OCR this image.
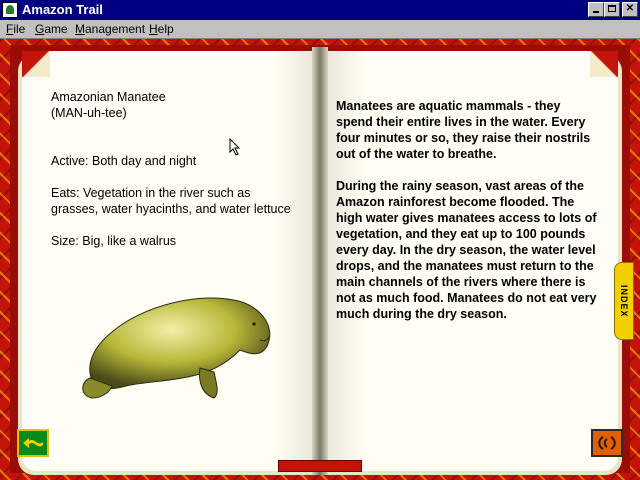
Amazon Trail	✕
File Game Management Help

Amazonian Manatee
(MAN-uh-tee)

Active: Both day and night

Eats: Vegetation in the river such as grasses, water hyacinths, and water lettuce

Size: Big, like a walrus

Manatees are aquatic mammals - they spend their entire lives in the water. Every four minutes or so, they raise their nostrils out of the water to breathe.

During the rainy season, vast areas of the Amazon rainforest become flooded. The high water gives manatees access to lots of vegetation, and they eat up to 100 pounds every day. In the dry season, the water level drops, and the manatees must return to the main channels of the rivers where there is not as much food. Manatees do not eat very much during the dry season.	INDEX
